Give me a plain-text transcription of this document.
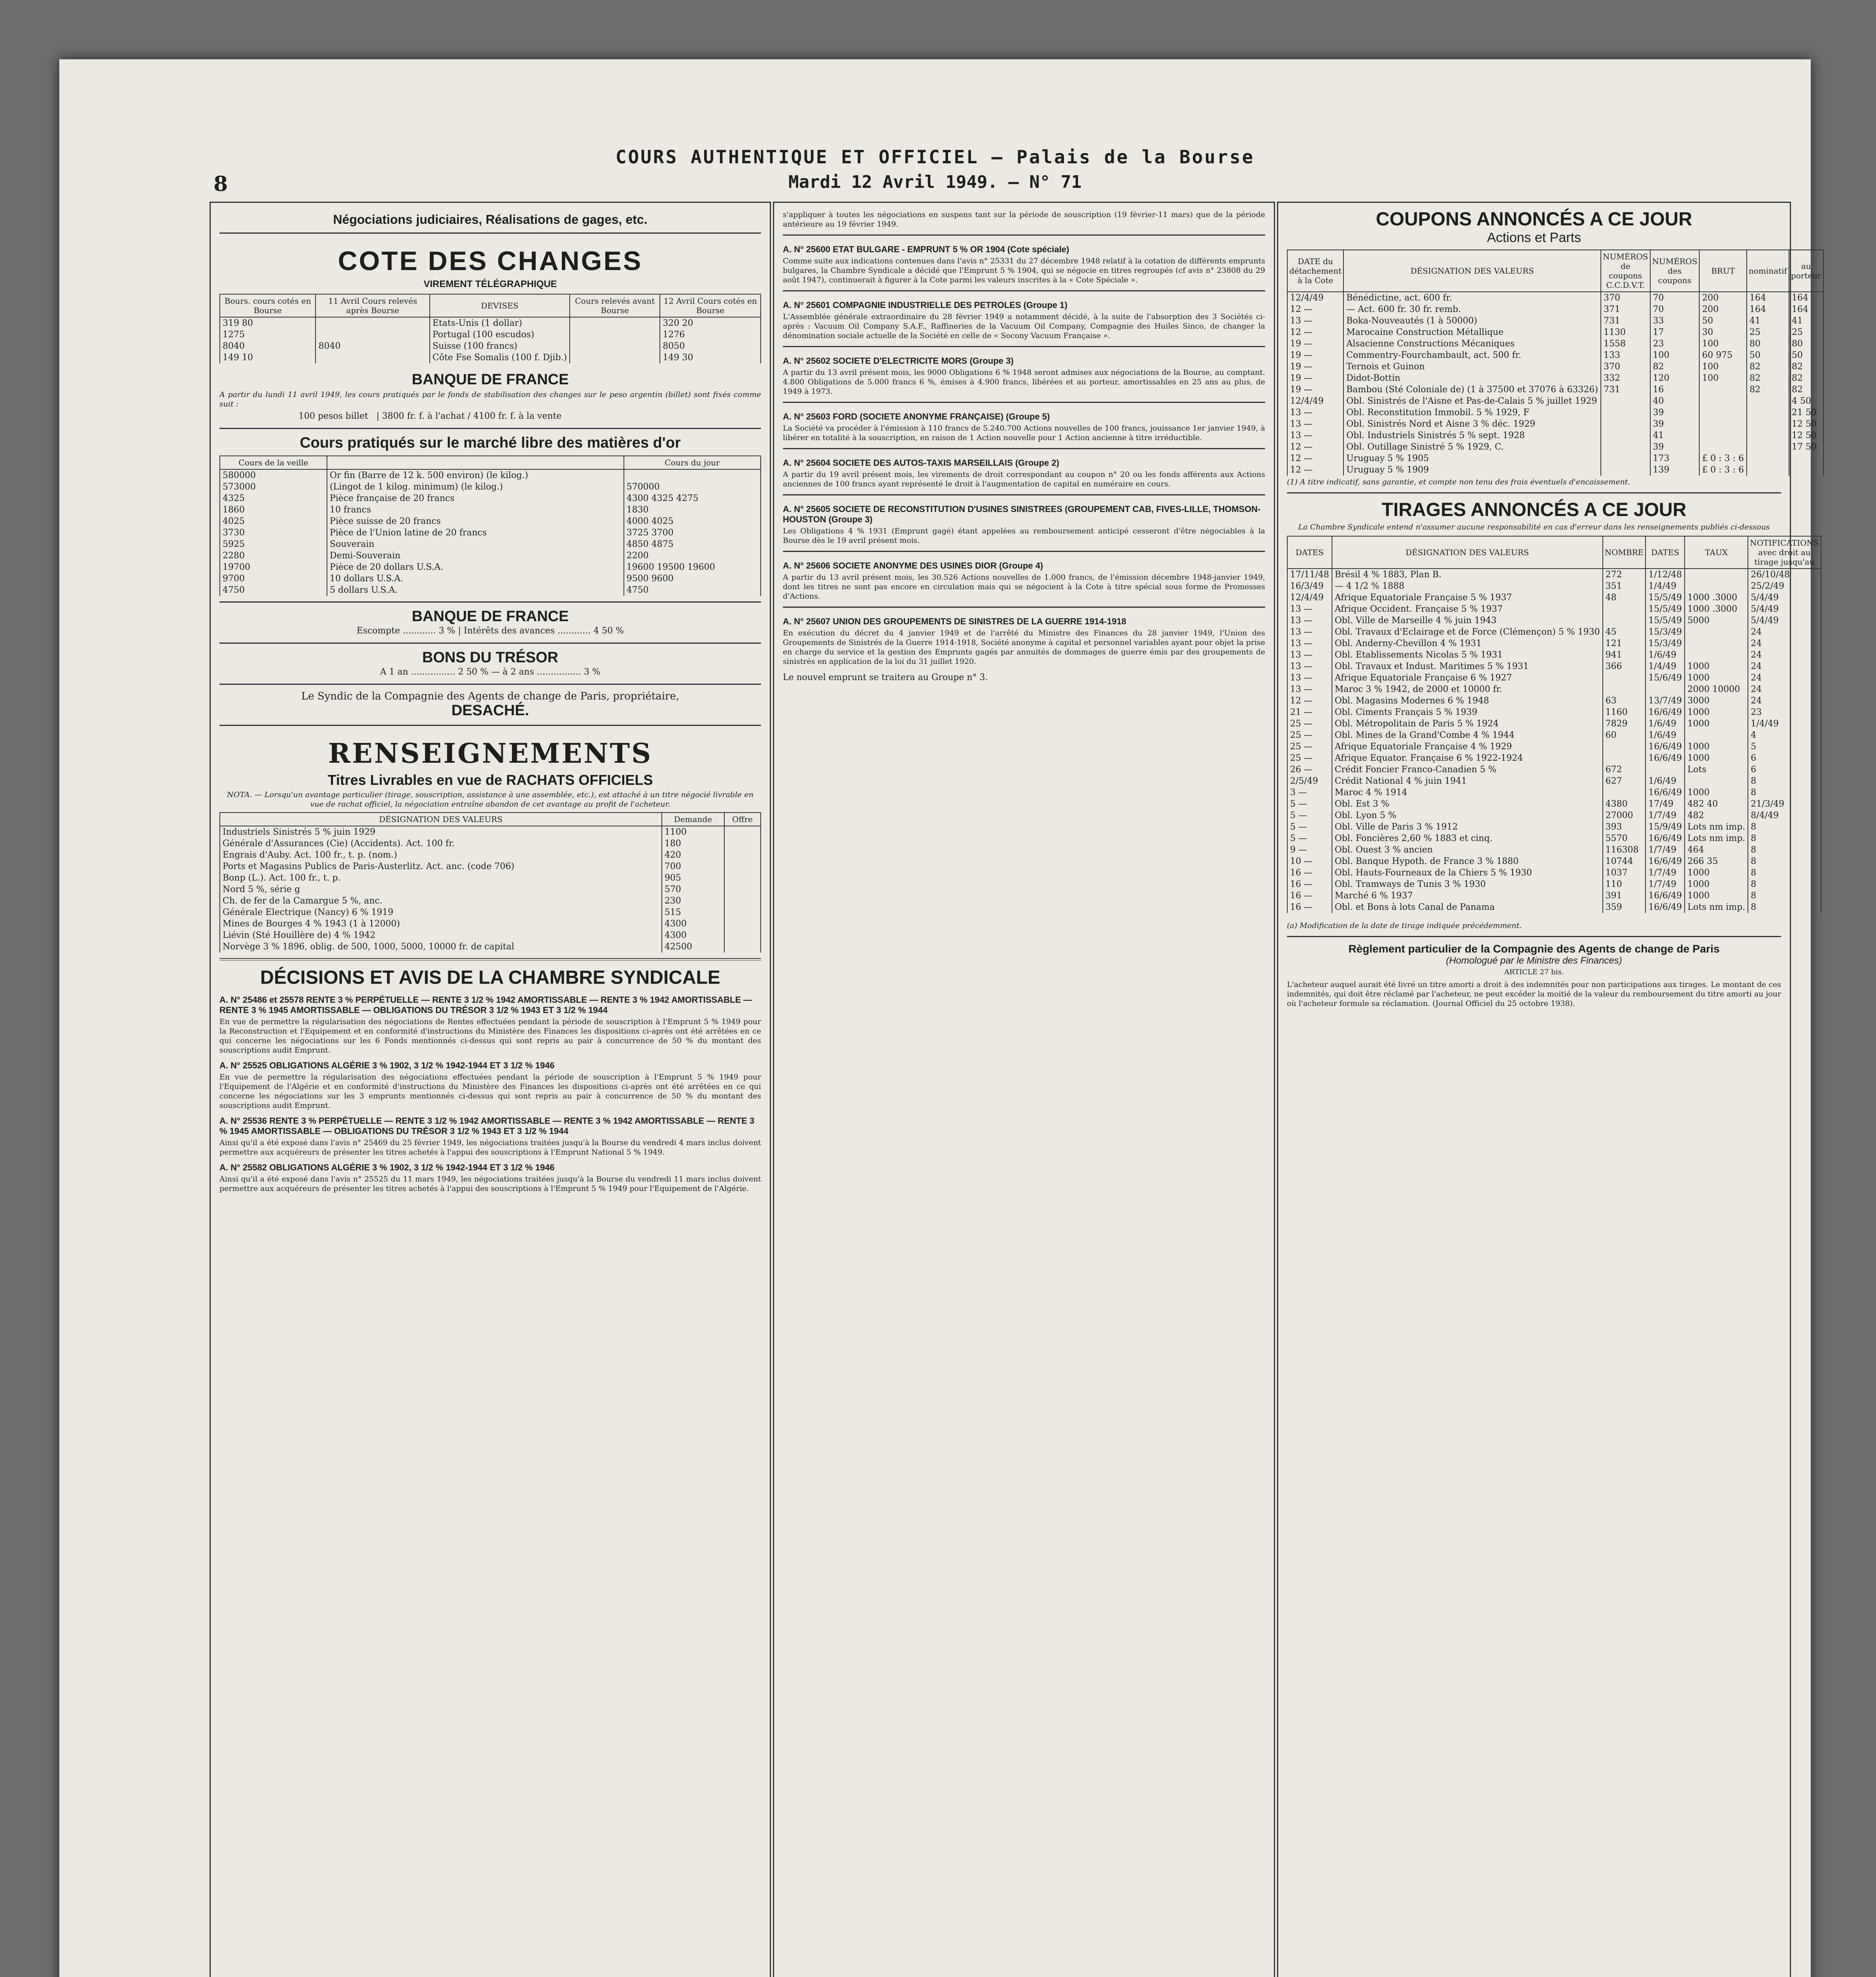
8
COURS AUTHENTIQUE ET OFFICIEL — Palais de la Bourse
Mardi 12 Avril 1949. — N° 71
Négociations judiciaires, Réalisations de gages, etc.
COTE DES CHANGES
VIREMENT TÉLÉGRAPHIQUE
Bours. cours cotés en Bourse	11 Avril Cours relevés après Bourse	DEVISES	Cours relevés avant Bourse	12 Avril Cours cotés en Bourse
319 80		Etats-Unis (1 dollar)		320 20
1275		Portugal (100 escudos)		1276
8040	8040	Suisse (100 francs)		8050
149 10		Côte Fse Somalis (100 f. Djib.)		149 30
BANQUE DE FRANCE
A partir du lundi 11 avril 1949, les cours pratiqués par le fonds de stabilisation des changes sur le peso argentin (billet) sont fixés comme suit :
100 pesos billet   | 3800 fr. f. à l'achat / 4100 fr. f. à la vente
Cours pratiqués sur le marché libre des matières d'or
Cours de la veille		Cours du jour
580000	Or fin (Barre de 12 k. 500 environ) (le kilog.)	
573000	(Lingot de 1 kilog. minimum) (le kilog.)	570000
4325	Pièce française de 20 francs	4300 4325 4275
1860	10 francs	1830
4025	Pièce suisse de 20 francs	4000 4025
3730	Pièce de l'Union latine de 20 francs	3725 3700
5925	Souverain	4850 4875
2280	Demi-Souverain	2200
19700	Pièce de 20 dollars U.S.A.	19600 19500 19600
9700	10 dollars U.S.A.	9500 9600
4750	5 dollars U.S.A.	4750
BANQUE DE FRANCE
Escompte ............ 3 % | Intérêts des avances ............ 4 50 %
BONS DU TRÉSOR
A 1 an ................ 2 50 % — à 2 ans ................ 3 %
Le Syndic de la Compagnie des Agents de change de Paris, propriétaire,
DESACHÉ.
RENSEIGNEMENTS
Titres Livrables en vue de RACHATS OFFICIELS
NOTA. — Lorsqu'un avantage particulier (tirage, souscription, assistance à une assemblée, etc.), est attaché à un titre négocié livrable en vue de rachat officiel, la négociation entraîne abandon de cet avantage au profit de l'acheteur.
DÉSIGNATION DES VALEURS	Demande	Offre
Industriels Sinistrés 5 % juin 1929	1100	
Générale d'Assurances (Cie) (Accidents). Act. 100 fr.	180	
Engrais d'Auby. Act. 100 fr., t. p. (nom.)	420	
Ports et Magasins Publics de Paris-Austerlitz. Act. anc. (code 706)	700	
Bonp (L.). Act. 100 fr., t. p.	905	
Nord 5 %, série g	570	
Ch. de fer de la Camargue 5 %, anc.	230	
Générale Electrique (Nancy) 6 % 1919	515	
Mines de Bourges 4 % 1943 (1 à 12000)	4300	
Liévin (Sté Houillère de) 4 % 1942	4300	
Norvège 3 % 1896, oblig. de 500, 1000, 5000, 10000 fr. de capital	42500	
DÉCISIONS ET AVIS DE LA CHAMBRE SYNDICALE
A. N° 25486 et 25578 RENTE 3 % PERPÉTUELLE — RENTE 3 1/2 % 1942 AMORTISSABLE — RENTE 3 % 1942 AMORTISSABLE — RENTE 3 % 1945 AMORTISSABLE — OBLIGATIONS DU TRÉSOR 3 1/2 % 1943 ET 3 1/2 % 1944
En vue de permettre la régularisation des négociations de Rentes effectuées pendant la période de souscription à l'Emprunt 5 % 1949 pour la Reconstruction et l'Equipement et en conformité d'instructions du Ministère des Finances les dispositions ci-après ont été arrêtées en ce qui concerne les négociations sur les 6 Fonds mentionnés ci-dessus qui sont repris au pair à concurrence de 50 % du montant des souscriptions audit Emprunt.
A. N° 25525 OBLIGATIONS ALGÉRIE 3 % 1902, 3 1/2 % 1942-1944 ET 3 1/2 % 1946
En vue de permettre la régularisation des négociations effectuées pendant la période de souscription à l'Emprunt 5 % 1949 pour l'Equipement de l'Algérie et en conformité d'instructions du Ministère des Finances les dispositions ci-après ont été arrêtées en ce qui concerne les négociations sur les 3 emprunts mentionnés ci-dessus qui sont repris au pair à concurrence de 50 % du montant des souscriptions audit Emprunt.
A. N° 25536 RENTE 3 % PERPÉTUELLE — RENTE 3 1/2 % 1942 AMORTISSABLE — RENTE 3 % 1942 AMORTISSABLE — RENTE 3 % 1945 AMORTISSABLE — OBLIGATIONS DU TRÉSOR 3 1/2 % 1943 ET 3 1/2 % 1944
Ainsi qu'il a été exposé dans l'avis n° 25469 du 25 février 1949, les négociations traitées jusqu'à la Bourse du vendredi 4 mars inclus doivent permettre aux acquéreurs de présenter les titres achetés à l'appui des souscriptions à l'Emprunt National 5 % 1949.
A. N° 25582 OBLIGATIONS ALGÉRIE 3 % 1902, 3 1/2 % 1942-1944 ET 3 1/2 % 1946
Ainsi qu'il a été exposé dans l'avis n° 25525 du 11 mars 1949, les négociations traitées jusqu'à la Bourse du vendredi 11 mars inclus doivent permettre aux acquéreurs de présenter les titres achetés à l'appui des souscriptions à l'Emprunt 5 % 1949 pour l'Equipement de l'Algérie.
s'appliquer à toutes les négociations en suspens tant sur la période de souscription (19 février-11 mars) que de la période antérieure au 19 février 1949.
A. N° 25600 ETAT BULGARE - EMPRUNT 5 % OR 1904 (Cote spéciale)
Comme suite aux indications contenues dans l'avis n° 25331 du 27 décembre 1948 relatif à la cotation de différents emprunts bulgares, la Chambre Syndicale a décidé que l'Emprunt 5 % 1904, qui se négocie en titres regroupés (cf avis n° 23808 du 29 août 1947), continuerait à figurer à la Cote parmi les valeurs inscrites à la « Cote Spéciale ».
A. N° 25601 COMPAGNIE INDUSTRIELLE DES PETROLES (Groupe 1)
L'Assemblée générale extraordinaire du 28 février 1949 a notamment décidé, à la suite de l'absorption des 3 Sociétés ci-après : Vacuum Oil Company S.A.F., Raffineries de la Vacuum Oil Company, Compagnie des Huiles Sinco, de changer la dénomination sociale actuelle de la Société en celle de « Socony Vacuum Française ».
A. N° 25602 SOCIETE D'ELECTRICITE MORS (Groupe 3)
A partir du 13 avril présent mois, les 9000 Obligations 6 % 1948 seront admises aux négociations de la Bourse, au comptant. 4.800 Obligations de 5.000 francs 6 %, émises à 4.900 francs, libérées et au porteur, amortissables en 25 ans au plus, de 1949 à 1973.
A. N° 25603 FORD (SOCIETE ANONYME FRANÇAISE) (Groupe 5)
La Société va procéder à l'émission à 110 francs de 5.240.700 Actions nouvelles de 100 francs, jouissance 1er janvier 1949, à libérer en totalité à la souscription, en raison de 1 Action nouvelle pour 1 Action ancienne à titre irréductible.
A. N° 25604 SOCIETE DES AUTOS-TAXIS MARSEILLAIS (Groupe 2)
A partir du 19 avril présent mois, les virements de droit correspondant au coupon n° 20 ou les fonds afférents aux Actions anciennes de 100 francs ayant représenté le droit à l'augmentation de capital en numéraire en cours.
A. N° 25605 SOCIETE DE RECONSTITUTION D'USINES SINISTREES (GROUPEMENT CAB, FIVES-LILLE, THOMSON-HOUSTON (Groupe 3)
Les Obligations 4 % 1931 (Emprunt gagé) étant appelées au remboursement anticipé cesseront d'être négociables à la Bourse dès le 19 avril présent mois.
A. N° 25606 SOCIETE ANONYME DES USINES DIOR (Groupe 4)
A partir du 13 avril présent mois, les 30.526 Actions nouvelles de 1.000 francs, de l'émission décembre 1948-janvier 1949, dont les titres ne sont pas encore en circulation mais qui se négocient à la Cote à titre spécial sous forme de Promesses d'Actions.
A. N° 25607 UNION DES GROUPEMENTS DE SINISTRES DE LA GUERRE 1914-1918
En exécution du décret du 4 janvier 1949 et de l'arrêté du Ministre des Finances du 28 janvier 1949, l'Union des Groupements de Sinistrés de la Guerre 1914-1918, Société anonyme à capital et personnel variables ayant pour objet la prise en charge du service et la gestion des Emprunts gagés par annuités de dommages de guerre émis par des groupements de sinistrés en application de la loi du 31 juillet 1920.
Le nouvel emprunt se traitera au Groupe n° 3.
COUPONS ANNONCÉS A CE JOUR
Actions et Parts
DATE du détachement à la Cote	DÉSIGNATION DES VALEURS	NUMÉROS de coupons C.C.D.V.T.	NUMÉROS des coupons	BRUT	nominatif	au porteur
12/4/49	Bénédictine, act. 600 fr.	370	70	200	164	164
12 —	— Act. 600 fr. 30 fr. remb.	371	70	200	164	164
13 —	Boka-Nouveautés (1 à 50000)	731	33	50	41	41
12 —	Marocaine Construction Métallique	1130	17	30	25	25
19 —	Alsacienne Constructions Mécaniques	1558	23	100	80	80
19 —	Commentry-Fourchambault, act. 500 fr.	133	100	60 975	50	50
19 —	Ternois et Guinon	370	82	100	82	82
19 —	Didot-Bottin	332	120	100	82	82
19 —	Bambou (Sté Coloniale de) (1 à 37500 et 37076 à 63326)	731	16		82	82
12/4/49	Obl. Sinistrés de l'Aisne et Pas-de-Calais 5 % juillet 1929		40			4 50
13 —	Obl. Reconstitution Immobil. 5 % 1929, F		39			21 50
13 —	Obl. Sinistrés Nord et Aisne 3 % déc. 1929		39			12 50
13 —	Obl. Industriels Sinistrés 5 % sept. 1928		41			12 50
12 —	Obl. Outillage Sinistré 5 % 1929, C.		39			17 50
12 —	Uruguay 5 % 1905		173	£ 0 : 3 : 6		
12 —	Uruguay 5 % 1909		139	£ 0 : 3 : 6		
(1) A titre indicatif, sans garantie, et compte non tenu des frais éventuels d'encaissement.
TIRAGES ANNONCÉS A CE JOUR
La Chambre Syndicale entend n'assumer aucune responsabilité en cas d'erreur dans les renseignements publiés ci-dessous
DATES	DÉSIGNATION DES VALEURS	NOMBRE	DATES	TAUX	NOTIFICATIONS avec droit au tirage jusqu'au
17/11/48	Brésil 4 % 1883, Plan B.	272	1/12/48		26/10/48
16/3/49	— 4 1/2 % 1888	351	1/4/49		25/2/49
12/4/49	Afrique Equatoriale Française 5 % 1937	48	15/5/49	1000 .3000	5/4/49
13 —	Afrique Occident. Française 5 % 1937		15/5/49	1000 .3000	5/4/49
13 —	Obl. Ville de Marseille 4 % juin 1943		15/5/49	5000	5/4/49
13 —	Obl. Travaux d'Eclairage et de Force (Clémençon) 5 % 1930	45	15/3/49		24
13 —	Obl. Anderny-Chevillon 4 % 1931	121	15/3/49		24
13 —	Obl. Etablissements Nicolas 5 % 1931	941	1/6/49		24
13 —	Obl. Travaux et Indust. Maritimes 5 % 1931	366	1/4/49	1000	24
13 —	Afrique Equatoriale Française 6 % 1927		15/6/49	1000	24
13 —	Maroc 3 % 1942, de 2000 et 10000 fr.			2000 10000	24
12 —	Obl. Magasins Modernes 6 % 1948	63	13/7/49	3000	24
21 —	Obl. Ciments Français 5 % 1939	1160	16/6/49	1000	23
25 —	Obl. Métropolitain de Paris 5 % 1924	7829	1/6/49	1000	1/4/49
25 —	Obl. Mines de la Grand'Combe 4 % 1944	60	1/6/49		4
25 —	Afrique Equatoriale Française 4 % 1929		16/6/49	1000	5
25 —	Afrique Equator. Française 6 % 1922-1924		16/6/49	1000	6
26 —	Crédit Foncier Franco-Canadien 5 %	672		Lots	6
2/5/49	Crédit National 4 % juin 1941	627	1/6/49		8
3 —	Maroc 4 % 1914		16/6/49	1000	8
5 —	Obl. Est 3 %	4380	17/49	482 40	21/3/49
5 —	Obl. Lyon 5 %	27000	1/7/49	482	8/4/49
5 —	Obl. Ville de Paris 3 % 1912	393	15/9/49	Lots nm imp.	8
5 —	Obl. Foncières 2,60 % 1883 et cinq.	5570	16/6/49	Lots nm imp.	8
9 —	Obl. Ouest 3 % ancien	116308	1/7/49	464	8
10 —	Obl. Banque Hypoth. de France 3 % 1880	10744	16/6/49	266 35	8
16 —	Obl. Hauts-Fourneaux de la Chiers 5 % 1930	1037	1/7/49	1000	8
16 —	Obl. Tramways de Tunis 3 % 1930	110	1/7/49	1000	8
16 —	Marché 6 % 1937	391	16/6/49	1000	8
16 —	Obl. et Bons à lots Canal de Panama	359	16/6/49	Lots nm imp.	8
(a) Modification de la date de tirage indiquée précédemment.
Règlement particulier de la Compagnie des Agents de change de Paris
(Homologué par le Ministre des Finances)
ARTICLE 27 bis.
L'acheteur auquel aurait été livré un titre amorti a droit à des indemnités pour non participations aux tirages. Le montant de ces indemnités, qui doit être réclamé par l'acheteur, ne peut excéder la moitié de la valeur du remboursement du titre amorti au jour où l'acheteur formule sa réclamation. (Journal Officiel du 25 octobre 1938).
